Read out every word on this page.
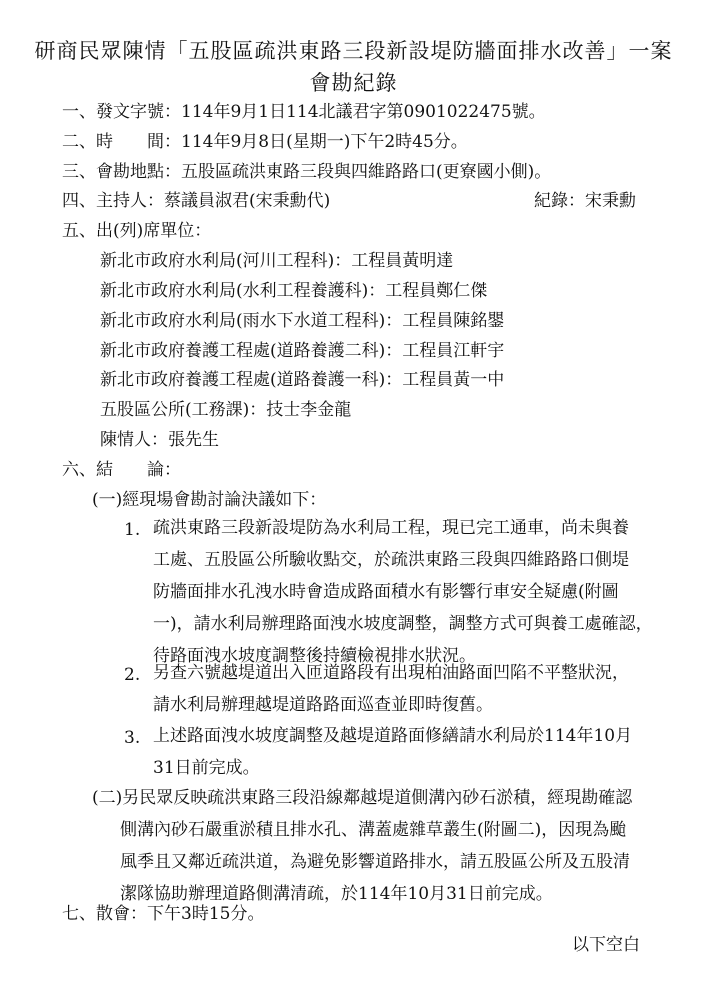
研商民眾陳情「五股區疏洪東路三段新設堤防牆面排水改善」一案
會勘紀錄
一、發文字號：114年9月1日114北議君字第0901022475號。
二、時　　間：114年9月8日(星期一)下午2時45分。
三、會勘地點：五股區疏洪東路三段與四維路路口(更寮國小側)。
四、主持人：蔡議員淑君(宋秉勳代)	紀錄：宋秉勳
五、出(列)席單位：
新北市政府水利局(河川工程科)：工程員黃明達
新北市政府水利局(水利工程養護科)：工程員鄭仁傑
新北市政府水利局(雨水下水道工程科)：工程員陳銘鑍
新北市政府養護工程處(道路養護二科)：工程員江軒宇
新北市政府養護工程處(道路養護一科)：工程員黃一中
五股區公所(工務課)：技士李金龍
陳情人：張先生
六、結　　論：
(一)經現場會勘討論決議如下：
1. 疏洪東路三段新設堤防為水利局工程，現已完工通車，尚未與養
工處、五股區公所驗收點交，於疏洪東路三段與四維路路口側堤
防牆面排水孔洩水時會造成路面積水有影響行車安全疑慮(附圖
一)，請水利局辦理路面洩水坡度調整，調整方式可與養工處確認，
待路面洩水坡度調整後持續檢視排水狀況。
2. 另查六號越堤道出入匝道路段有出現柏油路面凹陷不平整狀況，
請水利局辦理越堤道路路面巡查並即時復舊。
3. 上述路面洩水坡度調整及越堤道路面修繕請水利局於114年10月
31日前完成。
(二)另民眾反映疏洪東路三段沿線鄰越堤道側溝內砂石淤積，經現勘確認
側溝內砂石嚴重淤積且排水孔、溝蓋處雜草叢生(附圖二)，因現為颱
風季且又鄰近疏洪道，為避免影響道路排水，請五股區公所及五股清
潔隊協助辦理道路側溝清疏，於114年10月31日前完成。
七、散會：下午3時15分。
以下空白
